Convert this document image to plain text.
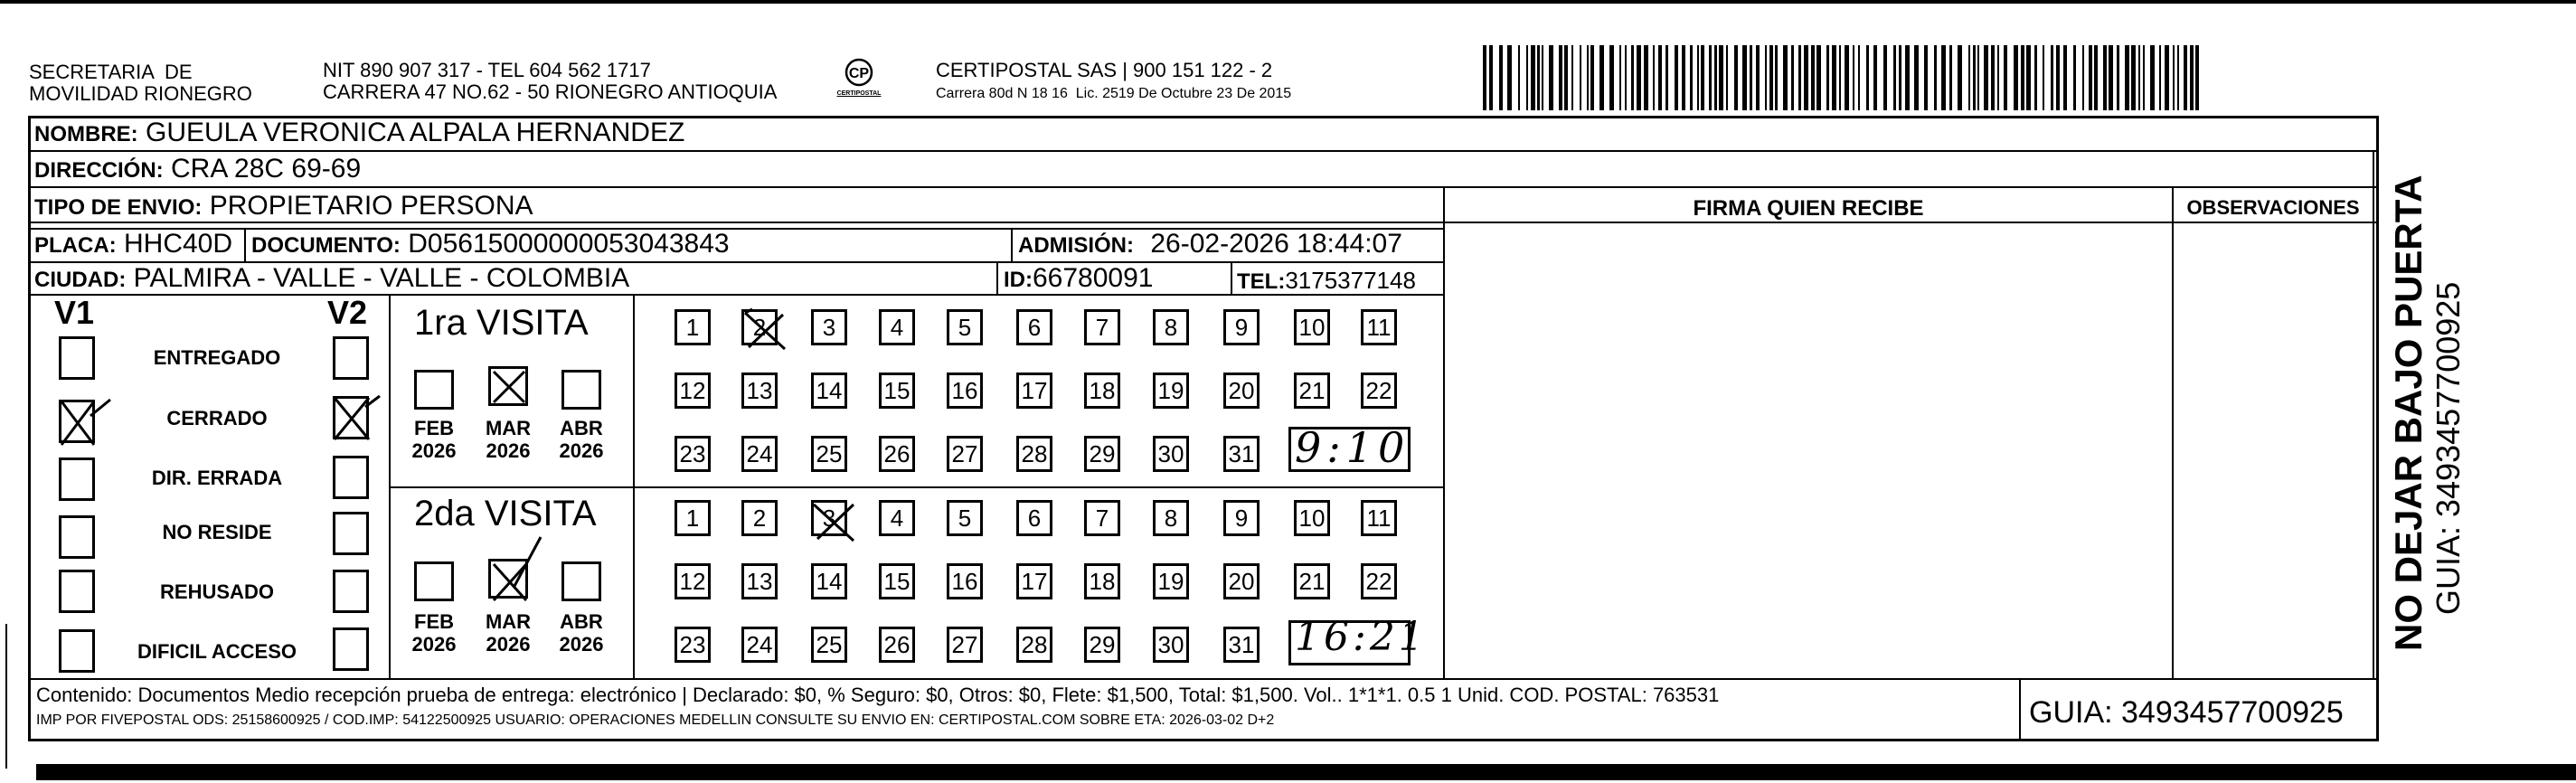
SECRETARIA  DE
MOVILIDAD RIONEGRO
NIT 890 907 317 - TEL 604 562 1717
CARRERA 47 NO.62 - 50 RIONEGRO ANTIOQUIA
CP
CERTIPOSTAL
CERTIPOSTAL SAS | 900 151 122 - 2
Carrera 80d N 18 16  Lic. 2519 De Octubre 23 De 2015
NOMBRE: GUEULA VERONICA ALPALA HERNANDEZ
DIRECCIÓN: CRA 28C 69-69
TIPO DE ENVIO: PROPIETARIO PERSONA
PLACA: HHC40D DOCUMENTO: D05615000000053043843	ADMISIÓN: 26-02-2026 18:44:07
CIUDAD: PALMIRA - VALLE - VALLE - COLOMBIA	ID:66780091	TEL:3175377148
FIRMA QUIEN RECIBE	OBSERVACIONES
V1	V2
ENTREGADO
CERRADO
DIR. ERRADA
NO RESIDE
REHUSADO
DIFICIL ACCESO
1ra VISITA
FEB
2026
MAR
2026
ABR
2026
1	2	3	4	5	6	7	8	9	10 11
12 13 14 15 16 17 18 19 20 21 22
23 24 25 26 27 28 29 30 31 9:10
2da VISITA
FEB
2026
MAR
2026
ABR
2026
1	2	3	4	5	6	7	8	9	10 11
12 13 14 15 16 17 18 19 20 21 22
23 24 25 26 27 28 29 30 31 16:21
Contenido: Documentos Medio recepción prueba de entrega: electrónico | Declarado: $0, % Seguro: $0, Otros: $0, Flete: $1,500, Total: $1,500. Vol.. 1*1*1. 0.5 1 Unid. COD. POSTAL: 763531
IMP POR FIVEPOSTAL ODS: 25158600925 / COD.IMP: 54122500925 USUARIO: OPERACIONES MEDELLIN CONSULTE SU ENVIO EN: CERTIPOSTAL.COM SOBRE ETA: 2026-03-02 D+2	GUIA: 3493457700925
NO DEJAR BAJO PUERTA GUIA: 3493457700925
